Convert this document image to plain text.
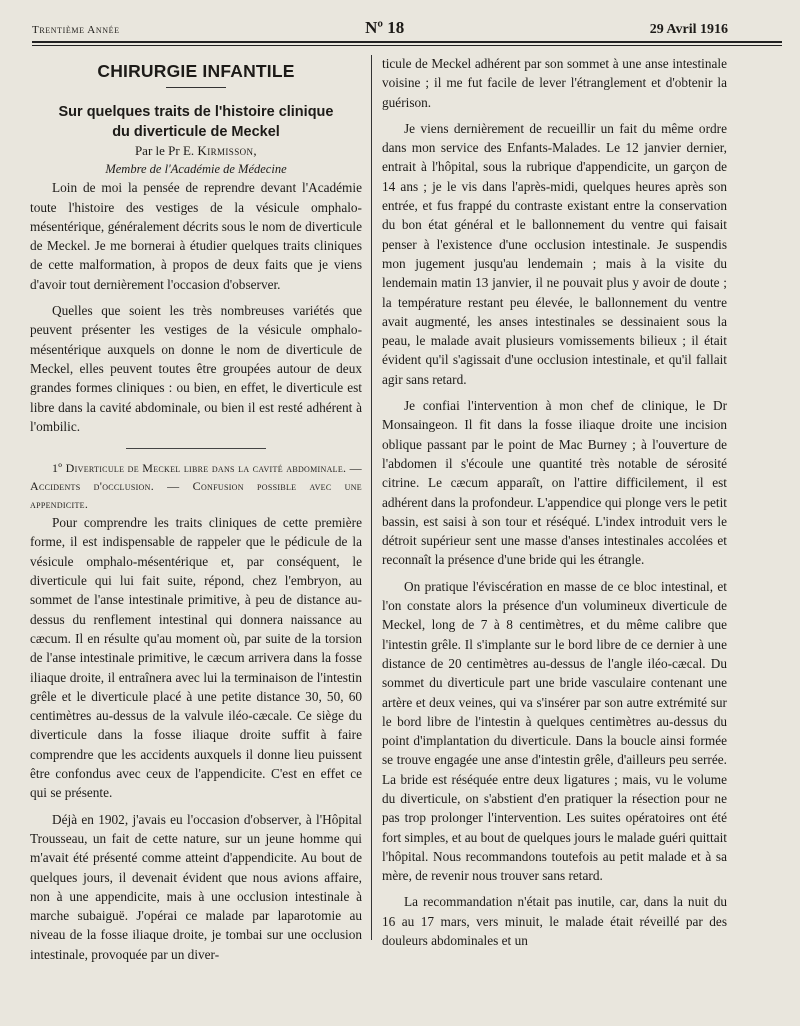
Trentième Année	Nº 18	29 Avril 1916
CHIRURGIE INFANTILE

Sur quelques traits de l'histoire clinique

du diverticule de Meckel

Par le Pr E. Kirmisson,

Membre de l'Académie de Médecine

Loin de moi la pensée de reprendre devant l'Académie toute l'histoire des vestiges de la vésicule omphalo-mésentérique, généralement décrits sous le nom de diverticule de Meckel. Je me bornerai à étudier quelques traits cliniques de cette malformation, à propos de deux faits que je viens d'avoir tout dernièrement l'occasion d'observer.

Quelles que soient les très nombreuses variétés que peuvent présenter les vestiges de la vésicule omphalo-mésentérique auxquels on donne le nom de diverticule de Meckel, elles peuvent toutes être groupées autour de deux grandes formes cliniques : ou bien, en effet, le diverticule est libre dans la cavité abdominale, ou bien il est resté adhérent à l'ombilic.

1º Diverticule de Meckel libre dans la cavité abdominale. — Accidents d'occlusion. — Confusion possible avec une appendicite.

Pour comprendre les traits cliniques de cette première forme, il est indispensable de rappeler que le pédicule de la vésicule omphalo-mésentérique et, par conséquent, le diverticule qui lui fait suite, répond, chez l'embryon, au sommet de l'anse intestinale primitive, à peu de distance au-dessus du renflement intestinal qui donnera naissance au cæcum. Il en résulte qu'au moment où, par suite de la torsion de l'anse intestinale primitive, le cæcum arrivera dans la fosse iliaque droite, il entraînera avec lui la terminaison de l'intestin grêle et le diverticule placé à une petite distance 30, 50, 60 centimètres au-dessus de la valvule iléo-cæcale. Ce siège du diverticule dans la fosse iliaque droite suffit à faire comprendre que les accidents auxquels il donne lieu puissent être confondus avec ceux de l'appendicite. C'est en effet ce qui se présente.

Déjà en 1902, j'avais eu l'occasion d'observer, à l'Hôpital Trousseau, un fait de cette nature, sur un jeune homme qui m'avait été présenté comme atteint d'appendicite. Au bout de quelques jours, il devenait évident que nous avions affaire, non à une appendicite, mais à une occlusion intestinale à marche subaiguë. J'opérai ce malade par laparotomie au niveau de la fosse iliaque droite, je tombai sur une occlusion intestinale, provoquée par un diver-

ticule de Meckel adhérent par son sommet à une anse intestinale voisine ; il me fut facile de lever l'étranglement et d'obtenir la guérison.

Je viens dernièrement de recueillir un fait du même ordre dans mon service des Enfants-Malades. Le 12 janvier dernier, entrait à l'hôpital, sous la rubrique d'appendicite, un garçon de 14 ans ; je le vis dans l'après-midi, quelques heures après son entrée, et fus frappé du contraste existant entre la conservation du bon état général et le ballonnement du ventre qui faisait penser à l'existence d'une occlusion intestinale. Je suspendis mon jugement jusqu'au lendemain ; mais à la visite du lendemain matin 13 janvier, il ne pouvait plus y avoir de doute ; la température restant peu élevée, le ballonnement du ventre avait augmenté, les anses intestinales se dessinaient sous la peau, le malade avait plusieurs vomissements bilieux ; il était évident qu'il s'agissait d'une occlusion intestinale, et qu'il fallait agir sans retard.

Je confiai l'intervention à mon chef de clinique, le Dr Monsaingeon. Il fit dans la fosse iliaque droite une incision oblique passant par le point de Mac Burney ; à l'ouverture de l'abdomen il s'écoule une quantité très notable de sérosité citrine. Le cæcum apparaît, on l'attire difficilement, il est adhérent dans la profondeur. L'appendice qui plonge vers le petit bassin, est saisi à son tour et réséqué. L'index introduit vers le détroit supérieur sent une masse d'anses intestinales accolées et reconnaît la présence d'une bride qui les étrangle.

On pratique l'éviscération en masse de ce bloc intestinal, et l'on constate alors la présence d'un volumineux diverticule de Meckel, long de 7 à 8 centimètres, et du même calibre que l'intestin grêle. Il s'implante sur le bord libre de ce dernier à une distance de 20 centimètres au-dessus de l'angle iléo-cæcal. Du sommet du diverticule part une bride vasculaire contenant une artère et deux veines, qui va s'insérer par son autre extrémité sur le bord libre de l'intestin à quelques centimètres au-dessus du point d'implantation du diverticule. Dans la boucle ainsi formée se trouve engagée une anse d'intestin grêle, d'ailleurs peu serrée. La bride est réséquée entre deux ligatures ; mais, vu le volume du diverticule, on s'abstient d'en pratiquer la résection pour ne pas trop prolonger l'intervention. Les suites opératoires ont été fort simples, et au bout de quelques jours le malade guéri quittait l'hôpital. Nous recommandons toutefois au petit malade et à sa mère, de revenir nous trouver sans retard.

La recommandation n'était pas inutile, car, dans la nuit du 16 au 17 mars, vers minuit, le malade était réveillé par des douleurs abdominales et un
